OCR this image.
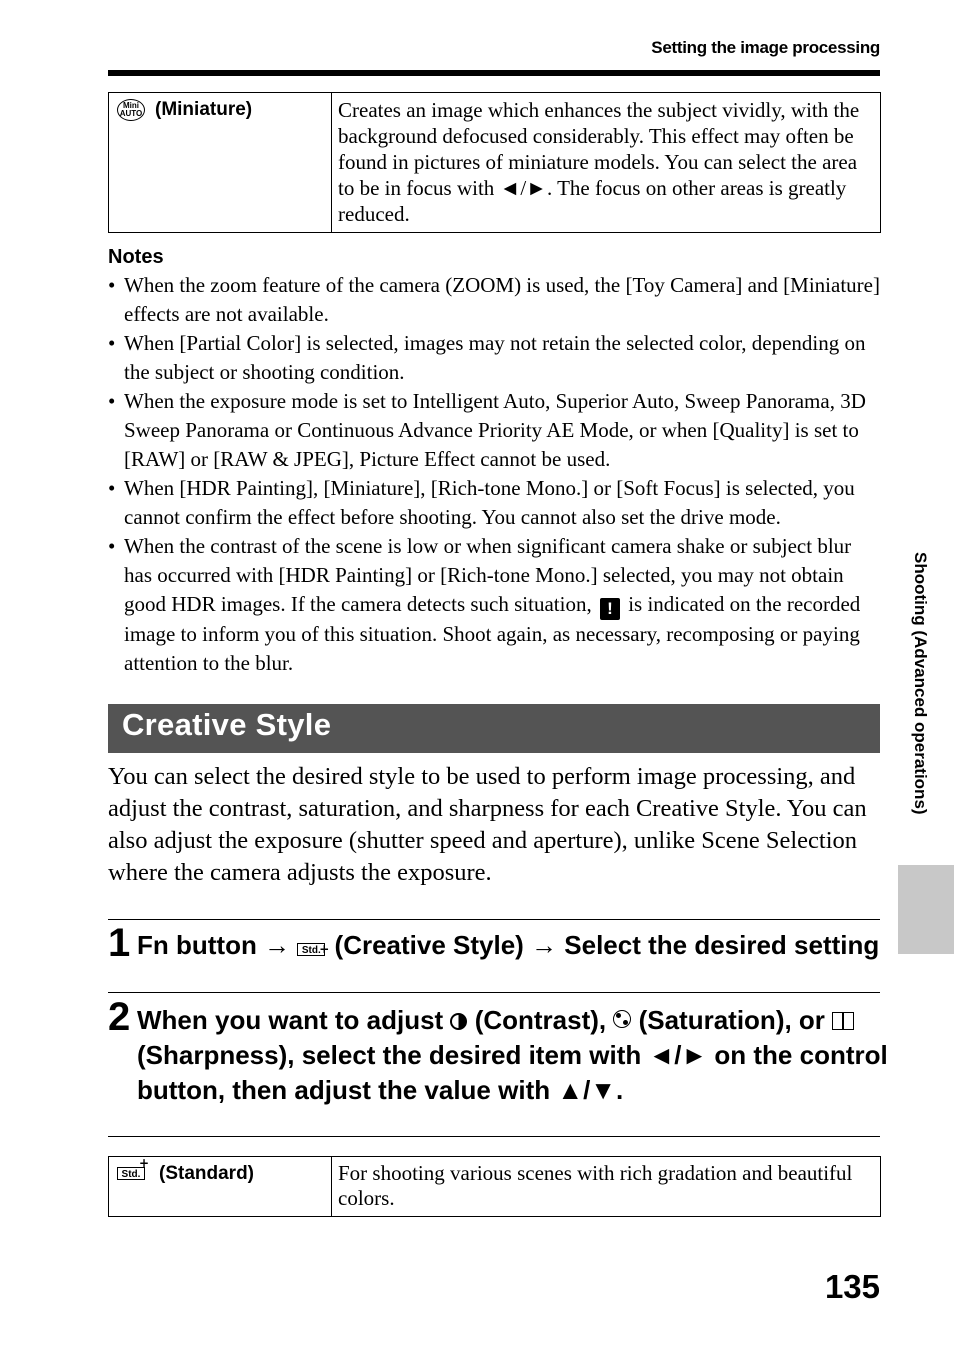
Setting the image processing
Mini
AUTO (Miniature)	Creates an image which enhances the subject vividly, with the background defocused considerably. This effect may often be found in pictures of miniature models. You can select the area to be in focus with ◄/►. The focus on other areas is greatly reduced.
Notes
• When the zoom feature of the camera (ZOOM) is used, the [Toy Camera] and [Miniature] effects are not available.
• When [Partial Color] is selected, images may not retain the selected color, depending on the subject or shooting condition.
• When the exposure mode is set to Intelligent Auto, Superior Auto, Sweep Panorama, 3D Sweep Panorama or Continuous Advance Priority AE Mode, or when [Quality] is set to [RAW] or [RAW & JPEG], Picture Effect cannot be used.
• When [HDR Painting], [Miniature], [Rich-tone Mono.] or [Soft Focus] is selected, you cannot confirm the effect before shooting. You cannot also set the drive mode.
• When the contrast of the scene is low or when significant camera shake or subject blur has occurred with [HDR Painting] or [Rich-tone Mono.] selected, you may not obtain good HDR images. If the camera detects such situation, ! is indicated on the recorded image to inform you of this situation. Shoot again, as necessary, recomposing or paying attention to the blur.
Creative Style

You can select the desired style to be used to perform image processing, and adjust the contrast, saturation, and sharpness for each Creative Style. You can also adjust the exposure (shutter speed and aperture), unlike Scene Selection where the camera adjusts the exposure.

1 Fn button →	Std.
+ (Creative Style) → Select the desired setting
2 When you want to adjust (Contrast), (Saturation), or
(Sharpness), select the desired item with ◄/► on the control
button, then adjust the value with ▲/▼.
Std.
+
(Standard)	For shooting various scenes with rich gradation and beautiful colors.
Shooting (Advanced operations)
135
